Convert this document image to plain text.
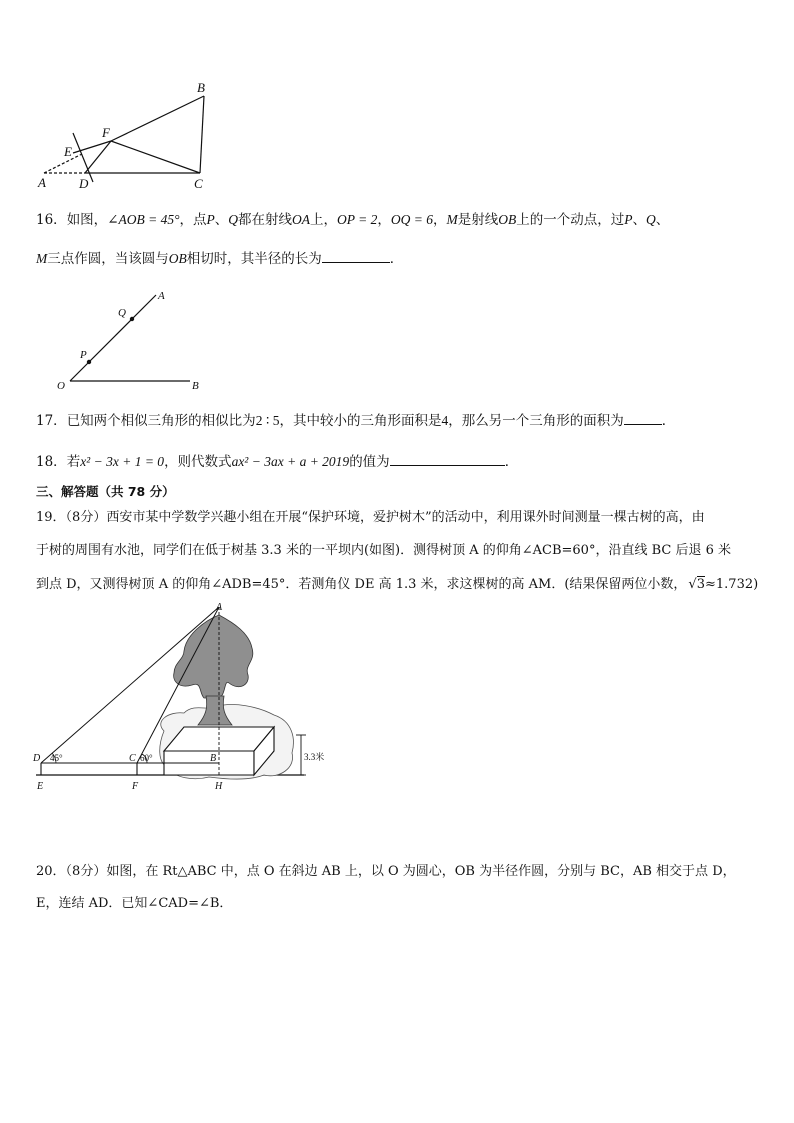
B
F
E
A	D	C
16．如图，∠AOB = 45°，点P、Q都在射线OA上，OP = 2，OQ = 6，M是射线OB上的一个动点，过P、Q、
M三点作圆，当该圆与OB相切时，其半径的长为	．
A
Q
P
O	B
17．已知两个相似三角形的相似比为2 ∶ 5，其中较小的三角形面积是4，那么另一个三角形的面积为	．
18．若x² − 3x + 1 = 0，则代数式ax² − 3ax + a + 2019的值为	．
三、解答题（共 78 分）
19．（8分）西安市某中学数学兴趣小组在开展“保护环境，爱护树木”的活动中，利用课外时间测量一棵古树的高，由
于树的周围有水池，同学们在低于树基 3.3 米的一平坝内(如图)．测得树顶 A 的仰角∠ACB=60°，沿直线 BC 后退 6 米
到点 D，又测得树顶 A 的仰角∠ADB=45°．若测角仪 DE 高 1.3 米，求这棵树的高 AM．(结果保留两位小数， √3≈1.732)
A
M
B
C
D
E	F	H
45°	60°	3.3米
20．（8分）如图，在 Rt△ABC 中，点 O 在斜边 AB 上，以 O 为圆心，OB 为半径作圆，分别与 BC，AB 相交于点 D，
E，连结 AD．已知∠CAD=∠B．
